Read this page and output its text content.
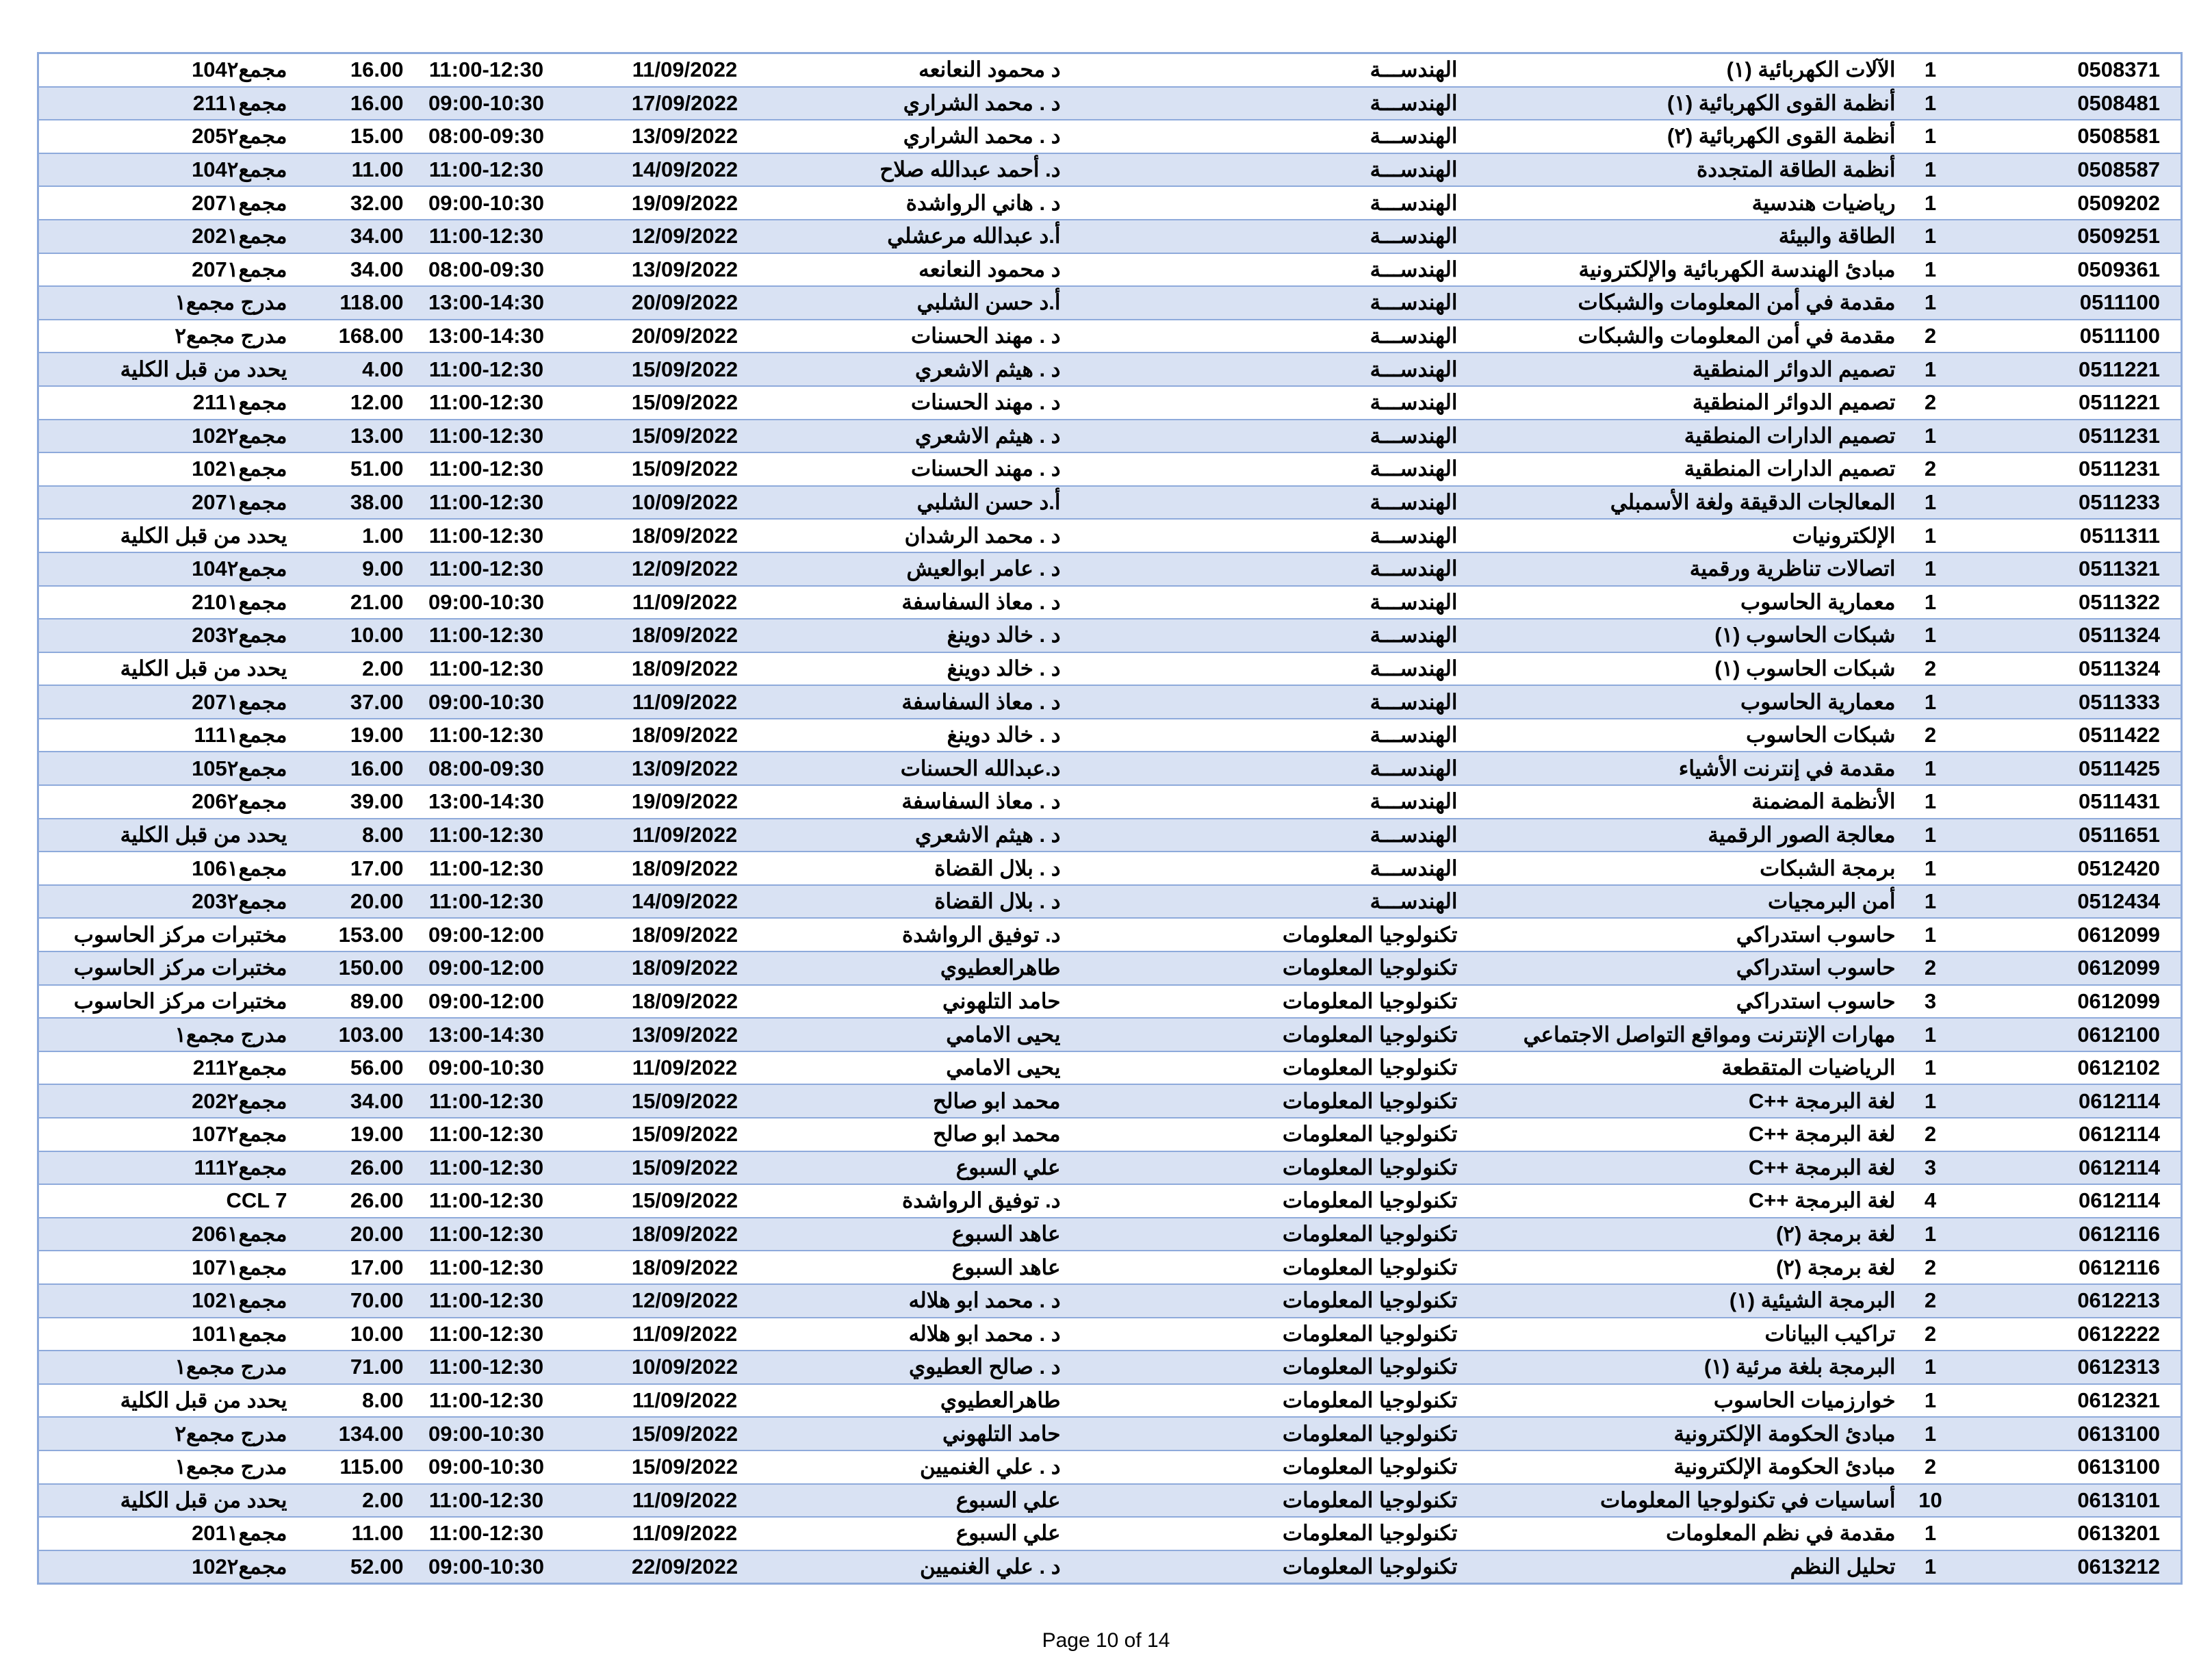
104مجمع٢	16.00	11:00-12:30	11/09/2022	د محمود النعانعه	الهندســـة	الآلات الكهربائية (١)	1	0508371
211مجمع١	16.00	09:00-10:30	17/09/2022	د . محمد الشراري	الهندســـة	أنظمة القوى الكهربائية (١)	1	0508481
205مجمع٢	15.00	08:00-09:30	13/09/2022	د . محمد الشراري	الهندســـة	أنظمة القوى الكهربائية (٢)	1	0508581
104مجمع٢	11.00	11:00-12:30	14/09/2022	د. أحمد عبدالله صلاح	الهندســـة	أنظمة الطاقة المتجددة	1	0508587
207مجمع١	32.00	09:00-10:30	19/09/2022	د . هاني الرواشدة	الهندســـة	رياضيات هندسية	1	0509202
202مجمع١	34.00	11:00-12:30	12/09/2022	أ.د عبدالله مرعشلي	الهندســـة	الطاقة والبيئة	1	0509251
207مجمع١	34.00	08:00-09:30	13/09/2022	د محمود النعانعه	الهندســـة	مبادئ الهندسة الكهربائية والإلكترونية	1	0509361
مدرج مجمع١	118.00	13:00-14:30	20/09/2022	أ.د حسن الشلبي	الهندســـة	مقدمة في أمن المعلومات والشبكات	1	0511100
مدرج مجمع٢	168.00	13:00-14:30	20/09/2022	د . مهند الحسنات	الهندســـة	مقدمة في أمن المعلومات والشبكات	2	0511100
يحدد من قبل الكلية	4.00	11:00-12:30	15/09/2022	د . هيثم الاشعري	الهندســـة	تصميم الدوائر المنطقية	1	0511221
211مجمع١	12.00	11:00-12:30	15/09/2022	د . مهند الحسنات	الهندســـة	تصميم الدوائر المنطقية	2	0511221
102مجمع٢	13.00	11:00-12:30	15/09/2022	د . هيثم الاشعري	الهندســـة	تصميم الدارات المنطقية	1	0511231
102مجمع١	51.00	11:00-12:30	15/09/2022	د . مهند الحسنات	الهندســـة	تصميم الدارات المنطقية	2	0511231
207مجمع١	38.00	11:00-12:30	10/09/2022	أ.د حسن الشلبي	الهندســـة	المعالجات الدقيقة ولغة الأسمبلي	1	0511233
يحدد من قبل الكلية	1.00	11:00-12:30	18/09/2022	د . محمد الرشدان	الهندســـة	الإلكترونيات	1	0511311
104مجمع٢	9.00	11:00-12:30	12/09/2022	د . عامر ابوالعيش	الهندســـة	اتصالات تناظرية ورقمية	1	0511321
210مجمع١	21.00	09:00-10:30	11/09/2022	د . معاذ السفاسفة	الهندســـة	معمارية الحاسوب	1	0511322
203مجمع٢	10.00	11:00-12:30	18/09/2022	د . خالد دوينغ	الهندســـة	شبكات الحاسوب (١)	1	0511324
يحدد من قبل الكلية	2.00	11:00-12:30	18/09/2022	د . خالد دوينغ	الهندســـة	شبكات الحاسوب (١)	2	0511324
207مجمع١	37.00	09:00-10:30	11/09/2022	د . معاذ السفاسفة	الهندســـة	معمارية الحاسوب	1	0511333
111مجمع١	19.00	11:00-12:30	18/09/2022	د . خالد دوينغ	الهندســـة	شبكات الحاسوب	2	0511422
105مجمع٢	16.00	08:00-09:30	13/09/2022	د.عبدالله الحسنات	الهندســـة	مقدمة في إنترنت الأشياء	1	0511425
206مجمع٢	39.00	13:00-14:30	19/09/2022	د . معاذ السفاسفة	الهندســـة	الأنظمة المضمنة	1	0511431
يحدد من قبل الكلية	8.00	11:00-12:30	11/09/2022	د . هيثم الاشعري	الهندســـة	معالجة الصور الرقمية	1	0511651
106مجمع١	17.00	11:00-12:30	18/09/2022	د . بلال القضاة	الهندســـة	برمجة الشبكات	1	0512420
203مجمع٢	20.00	11:00-12:30	14/09/2022	د . بلال القضاة	الهندســـة	أمن البرمجيات	1	0512434
مختبرات مركز الحاسوب	153.00	09:00-12:00	18/09/2022	د. توفيق الرواشدة	تكنولوجيا المعلومات	حاسوب استدراكي	1	0612099
مختبرات مركز الحاسوب	150.00	09:00-12:00	18/09/2022	طاهرالعطيوي	تكنولوجيا المعلومات	حاسوب استدراكي	2	0612099
مختبرات مركز الحاسوب	89.00	09:00-12:00	18/09/2022	حامد التلهوني	تكنولوجيا المعلومات	حاسوب استدراكي	3	0612099
مدرج مجمع١	103.00	13:00-14:30	13/09/2022	يحيى الامامي	تكنولوجيا المعلومات	مهارات الإنترنت ومواقع التواصل الاجتماعي	1	0612100
211مجمع٢	56.00	09:00-10:30	11/09/2022	يحيى الامامي	تكنولوجيا المعلومات	الرياضيات المتقطعة	1	0612102
202مجمع٢	34.00	11:00-12:30	15/09/2022	محمد ابو صالح	تكنولوجيا المعلومات	لغة البرمجة ++C	1	0612114
107مجمع٢	19.00	11:00-12:30	15/09/2022	محمد ابو صالح	تكنولوجيا المعلومات	لغة البرمجة ++C	2	0612114
111مجمع٢	26.00	11:00-12:30	15/09/2022	علي السبوع	تكنولوجيا المعلومات	لغة البرمجة ++C	3	0612114
CCL 7	26.00	11:00-12:30	15/09/2022	د. توفيق الرواشدة	تكنولوجيا المعلومات	لغة البرمجة ++C	4	0612114
206مجمع١	20.00	11:00-12:30	18/09/2022	عاهد السبوع	تكنولوجيا المعلومات	لغة برمجة (٢)	1	0612116
107مجمع١	17.00	11:00-12:30	18/09/2022	عاهد السبوع	تكنولوجيا المعلومات	لغة برمجة (٢)	2	0612116
102مجمع١	70.00	11:00-12:30	12/09/2022	د . محمد ابو هلاله	تكنولوجيا المعلومات	البرمجة الشيئية (١)	2	0612213
101مجمع١	10.00	11:00-12:30	11/09/2022	د . محمد ابو هلاله	تكنولوجيا المعلومات	تراكيب البيانات	2	0612222
مدرج مجمع١	71.00	11:00-12:30	10/09/2022	د . صالح العطيوي	تكنولوجيا المعلومات	البرمجة بلغة مرئية (١)	1	0612313
يحدد من قبل الكلية	8.00	11:00-12:30	11/09/2022	طاهرالعطيوي	تكنولوجيا المعلومات	خوارزميات الحاسوب	1	0612321
مدرج مجمع٢	134.00	09:00-10:30	15/09/2022	حامد التلهوني	تكنولوجيا المعلومات	مبادئ الحكومة الإلكترونية	1	0613100
مدرج مجمع١	115.00	09:00-10:30	15/09/2022	د . علي الغنميين	تكنولوجيا المعلومات	مبادئ الحكومة الإلكترونية	2	0613100
يحدد من قبل الكلية	2.00	11:00-12:30	11/09/2022	علي السبوع	تكنولوجيا المعلومات	أساسيات في تكنولوجيا المعلومات	10	0613101
201مجمع١	11.00	11:00-12:30	11/09/2022	علي السبوع	تكنولوجيا المعلومات	مقدمة في نظم المعلومات	1	0613201
102مجمع٢	52.00	09:00-10:30	22/09/2022	د . علي الغنميين	تكنولوجيا المعلومات	تحليل النظم	1	0613212
Page 10 of 14
